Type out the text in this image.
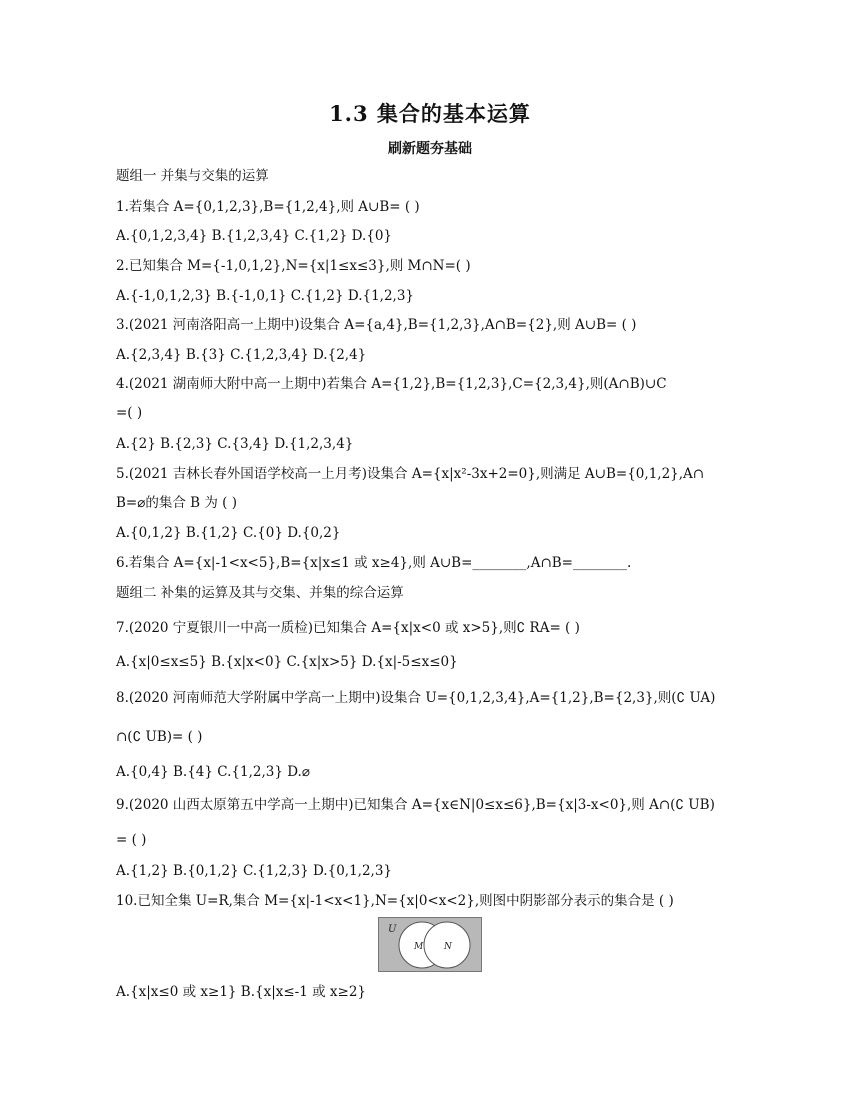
1.3 集合的基本运算
刷新题夯基础
题组一 并集与交集的运算
1.若集合 A={0,1,2,3},B={1,2,4},则 A∪B= ( )
A.{0,1,2,3,4} B.{1,2,3,4} C.{1,2} D.{0}
2.已知集合 M={-1,0,1,2},N={x|1≤x≤3},则 M∩N=( )
A.{-1,0,1,2,3} B.{-1,0,1} C.{1,2} D.{1,2,3}
3.(2021 河南洛阳高一上期中)设集合 A={a,4},B={1,2,3},A∩B={2},则 A∪B= ( )
A.{2,3,4} B.{3} C.{1,2,3,4} D.{2,4}
4.(2021 湖南师大附中高一上期中)若集合 A={1,2},B={1,2,3},C={2,3,4},则(A∩B)∪C
=( )
A.{2} B.{2,3} C.{3,4} D.{1,2,3,4}
5.(2021 吉林长春外国语学校高一上月考)设集合 A={x|x²-3x+2=0},则满足 A∪B={0,1,2},A∩
B=⌀的集合 B 为 ( )
A.{0,1,2} B.{1,2} C.{0} D.{0,2}
6.若集合 A={x|-1<x<5},B={x|x≤1 或 x≥4},则 A∪B=________,A∩B=________.
题组二 补集的运算及其与交集、并集的综合运算
7.(2020 宁夏银川一中高一质检)已知集合 A={x|x<0 或 x>5},则∁ RA= ( )
A.{x|0≤x≤5} B.{x|x<0} C.{x|x>5} D.{x|-5≤x≤0}
8.(2020 河南师范大学附属中学高一上期中)设集合 U={0,1,2,3,4},A={1,2},B={2,3},则(∁ UA)
∩(∁ UB)= ( )
A.{0,4} B.{4} C.{1,2,3} D.⌀
9.(2020 山西太原第五中学高一上期中)已知集合 A={x∈N|0≤x≤6},B={x|3-x<0},则 A∩(∁ UB)
= ( )
A.{1,2} B.{0,1,2} C.{1,2,3} D.{0,1,2,3}
10.已知全集 U=R,集合 M={x|-1<x<1},N={x|0<x<2},则图中阴影部分表示的集合是 ( )
U
M N
A.{x|x≤0 或 x≥1} B.{x|x≤-1 或 x≥2}
